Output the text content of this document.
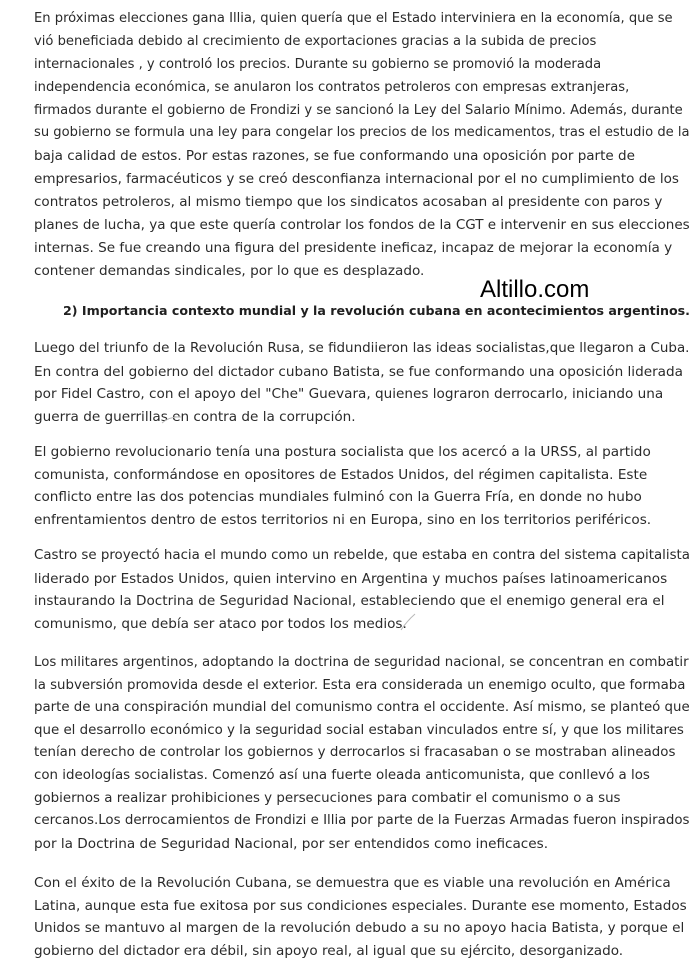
En próximas elecciones gana Illia, quien quería que el Estado interviniera en la economía, que se
vió beneficiada debido al crecimiento de exportaciones gracias a la subida de precios
internacionales , y controló los precios. Durante su gobierno se promovió la moderada
independencia económica, se anularon los contratos petroleros con empresas extranjeras,
firmados durante el gobierno de Frondizi y se sancionó la Ley del Salario Mínimo. Además, durante
su gobierno se formula una ley para congelar los precios de los medicamentos, tras el estudio de la
baja calidad de estos. Por estas razones, se fue conformando una oposición por parte de
empresarios, farmacéuticos y se creó desconfianza internacional por el no cumplimiento de los
contratos petroleros, al mismo tiempo que los sindicatos acosaban al presidente con paros y
planes de lucha, ya que este quería controlar los fondos de la CGT e intervenir en sus elecciones
internas. Se fue creando una figura del presidente ineficaz, incapaz de mejorar la economía y
contener demandas sindicales, por lo que es desplazado.
Altillo.com
2) Importancia contexto mundial y la revolución cubana en acontecimientos argentinos.
Luego del triunfo de la Revolución Rusa, se fidundiieron las ideas socialistas,que llegaron a Cuba.
En contra del gobierno del dictador cubano Batista, se fue conformando una oposición liderada
por Fidel Castro, con el apoyo del "Che" Guevara, quienes lograron derrocarlo, iniciando una
guerra de guerrillas en contra de la corrupción.
El gobierno revolucionario tenía una postura socialista que los acercó a la URSS, al partido
comunista, conformándose en opositores de Estados Unidos, del régimen capitalista. Este
conflicto entre las dos potencias mundiales fulminó con la Guerra Fría, en donde no hubo
enfrentamientos dentro de estos territorios ni en Europa, sino en los territorios periféricos.
Castro se proyectó hacia el mundo como un rebelde, que estaba en contra del sistema capitalista
liderado por Estados Unidos, quien intervino en Argentina y muchos países latinoamericanos
instaurando la Doctrina de Seguridad Nacional, estableciendo que el enemigo general era el
comunismo, que debía ser ataco por todos los medios.
Los militares argentinos, adoptando la doctrina de seguridad nacional, se concentran en combatir
la subversión promovida desde el exterior. Esta era considerada un enemigo oculto, que formaba
parte de una conspiración mundial del comunismo contra el occidente. Así mismo, se planteó que
que el desarrollo económico y la seguridad social estaban vinculados entre sí, y que los militares
tenían derecho de controlar los gobiernos y derrocarlos si fracasaban o se mostraban alineados
con ideologías socialistas. Comenzó así una fuerte oleada anticomunista, que conllevó a los
gobiernos a realizar prohibiciones y persecuciones para combatir el comunismo o a sus
cercanos.Los derrocamientos de Frondizi e Illia por parte de la Fuerzas Armadas fueron inspirados
por la Doctrina de Seguridad Nacional, por ser entendidos como ineficaces.
Con el éxito de la Revolución Cubana, se demuestra que es viable una revolución en América
Latina, aunque esta fue exitosa por sus condiciones especiales. Durante ese momento, Estados
Unidos se mantuvo al margen de la revolución debudo a su no apoyo hacia Batista, y porque el
gobierno del dictador era débil, sin apoyo real, al igual que su ejército, desorganizado.
